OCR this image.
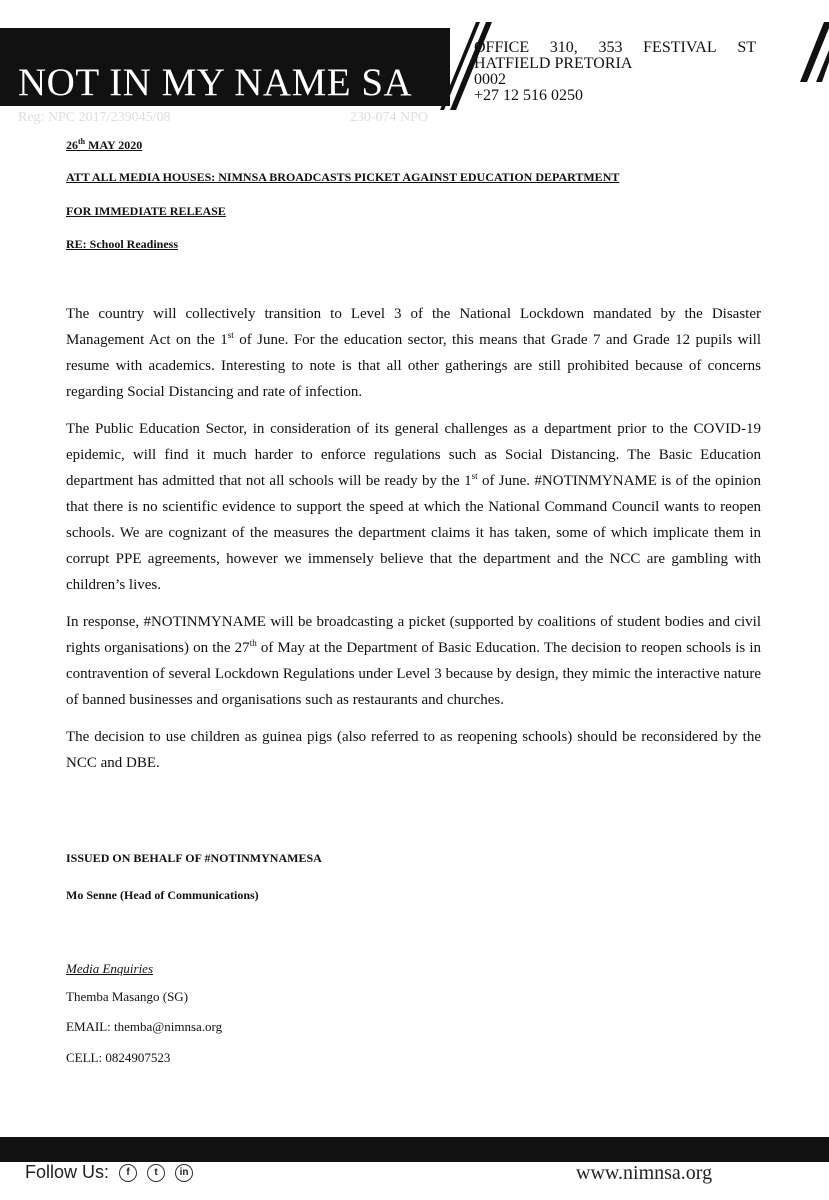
NOT IN MY NAME SA
Reg: NPC 2017/239045/08	230-074 NPO
OFFICE 310, 353 FESTIVAL ST
HATFIELD PRETORIA
0002
+27 12 516 0250
26th MAY 2020
ATT ALL MEDIA HOUSES: NIMNSA BROADCASTS PICKET AGAINST EDUCATION DEPARTMENT
FOR IMMEDIATE RELEASE
RE: School Readiness

The country will collectively transition to Level 3 of the National Lockdown mandated by the Disaster Management Act on the 1st of June. For the education sector, this means that Grade 7 and Grade 12 pupils will resume with academics. Interesting to note is that all other gatherings are still prohibited because of concerns regarding Social Distancing and rate of infection.

The Public Education Sector, in consideration of its general challenges as a department prior to the COVID-19 epidemic, will find it much harder to enforce regulations such as Social Distancing. The Basic Education department has admitted that not all schools will be ready by the 1st of June. #NOTINMYNAME is of the opinion that there is no scientific evidence to support the speed at which the National Command Council wants to reopen schools. We are cognizant of the measures the department claims it has taken, some of which implicate them in corrupt PPE agreements, however we immensely believe that the department and the NCC are gambling with children’s lives.

In response, #NOTINMYNAME will be broadcasting a picket (supported by coalitions of student bodies and civil rights organisations) on the 27th of May at the Department of Basic Education. The decision to reopen schools is in contravention of several Lockdown Regulations under Level 3 because by design, they mimic the interactive nature of banned businesses and organisations such as restaurants and churches.

The decision to use children as guinea pigs (also referred to as reopening schools) should be reconsidered by the NCC and DBE.

ISSUED ON BEHALF OF #NOTINMYNAMESA
Mo Senne (Head of Communications)
Media Enquiries
Themba Masango (SG)
EMAIL: themba@nimnsa.org
CELL: 0824907523
Follow Us:	f	t	in	www.nimnsa.org
